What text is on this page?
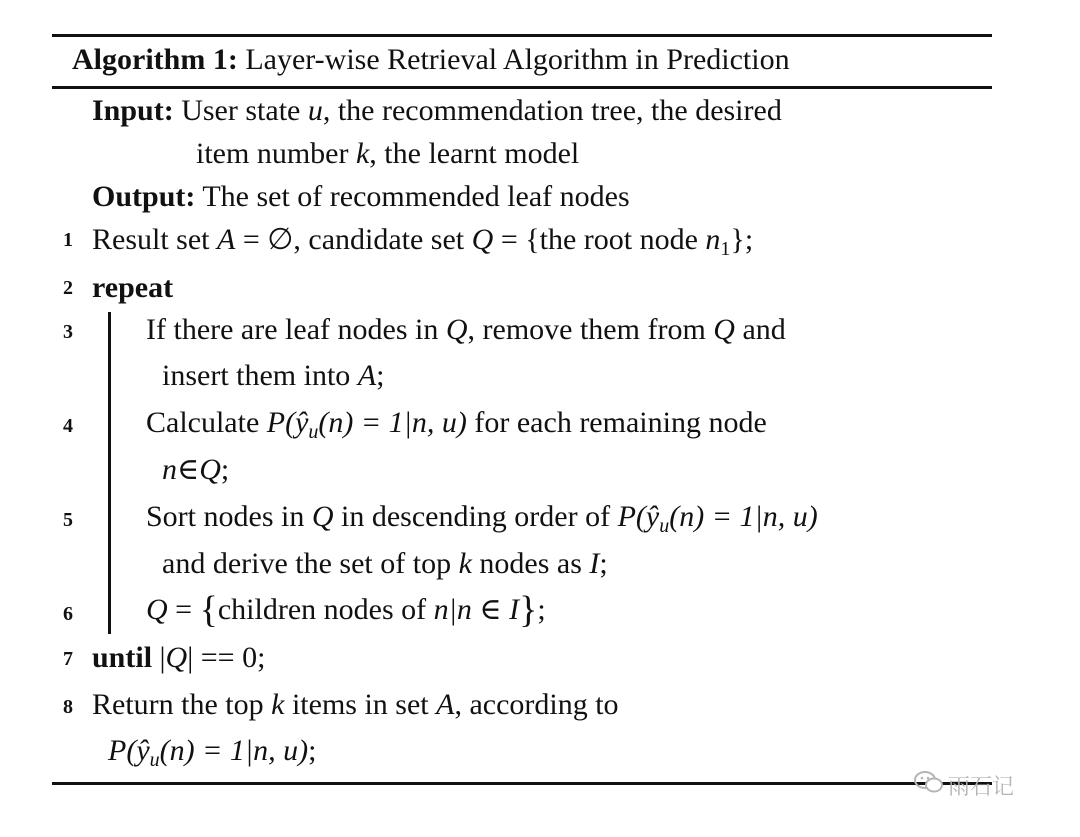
Algorithm 1: Layer-wise Retrieval Algorithm in Prediction
Input: User state u, the recommendation tree, the desired
item number k, the learnt model
Output: The set of recommended leaf nodes
1 Result set A = ∅, candidate set Q = {the root node $n_1$};
2 repeat
3 If there are leaf nodes in Q, remove them from Q and
insert them into A;
4 Calculate $P(ŷ_u(n) = 1|n$, u) for each remaining node
n∈Q;
5 Sort nodes in Q in descending order of $P(ŷ_u(n) = 1|n$, u)
and derive the set of top k nodes as I;
6 Q = {children nodes of n|n ∈ I};
7 until |Q| == 0;
8 Return the top k items in set A, according to
$P(ŷ_u(n) = 1|n$, u);
雨石记
